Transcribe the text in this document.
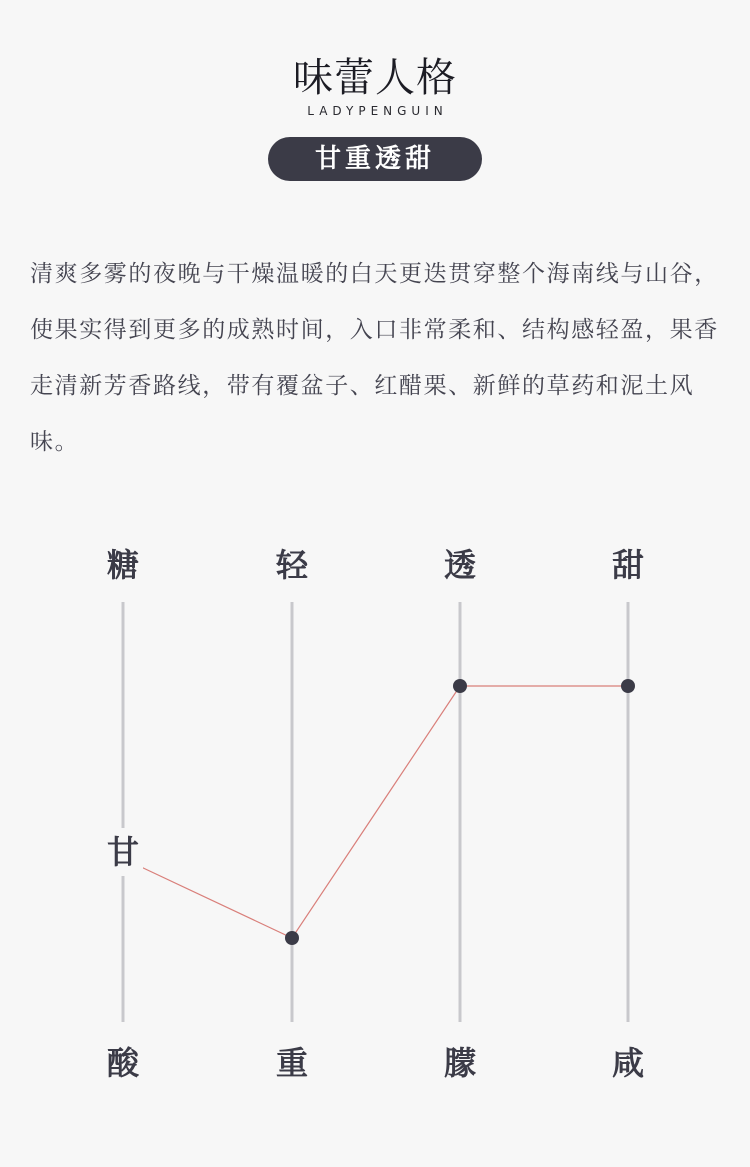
味蕾人格
LADYPENGUIN
甘重透甜

清爽多雾的夜晚与干燥温暖的白天更迭贯穿整个海南线与山谷，使果实得到更多的成熟时间，入口非常柔和、结构感轻盈，果香走清新芳香路线，带有覆盆子、红醋栗、新鲜的草药和泥土风味。

糖
酸
轻
重
透
朦
甜
咸
甘
